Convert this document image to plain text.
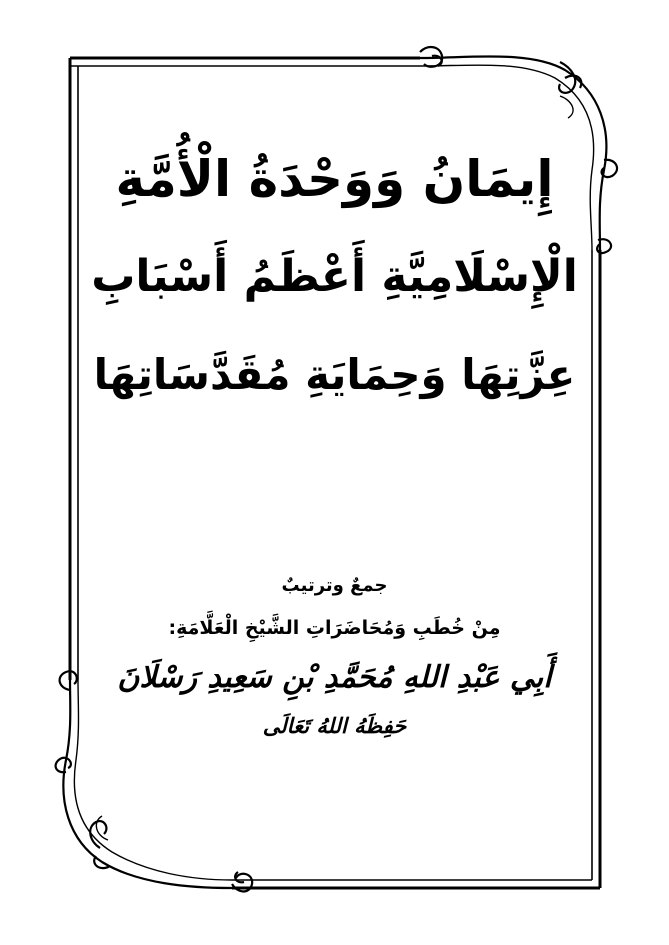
إِيمَانُ وَوَحْدَةُ الْأُمَّةِ
الْإِسْلَامِيَّةِ أَعْظَمُ أَسْبَابِ
عِزَّتِهَا وَحِمَايَةِ مُقَدَّسَاتِهَا
جمعٌ وترتيبٌ
مِنْ خُطَبِ وَمُحَاضَرَاتِ الشَّيْخِ الْعَلَّامَةِ:
أَبِي عَبْدِ اللهِ مُحَمَّدِ بْنِ سَعِيدِ رَسْلَانَ
حَفِظَهُ اللهُ تَعَالَى
